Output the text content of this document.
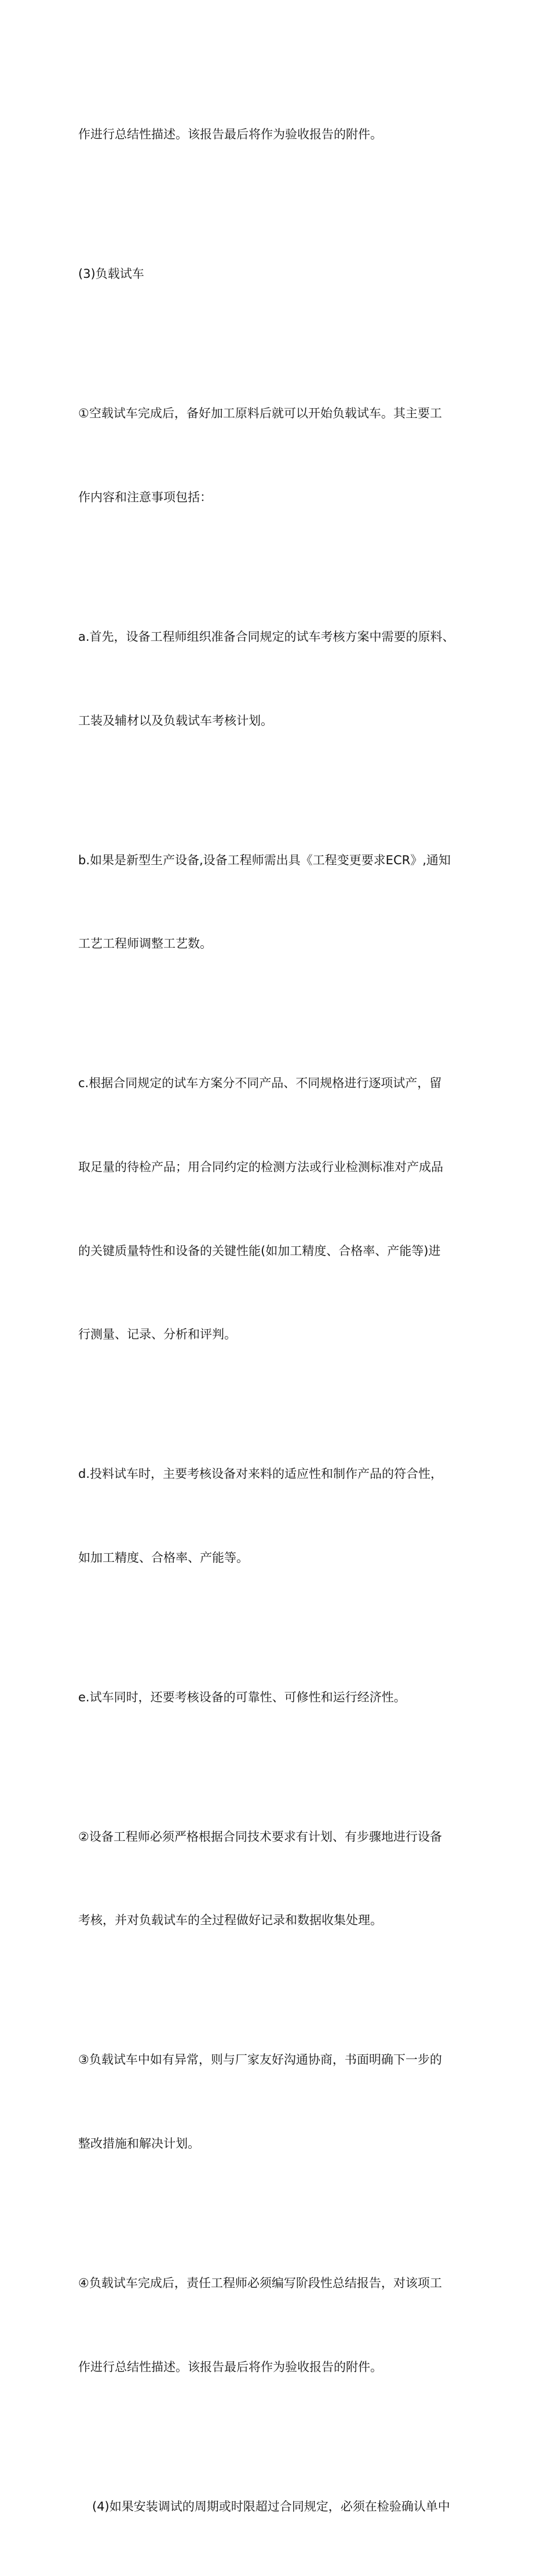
作进行总结性描述。该报告最后将作为验收报告的附件。

(3)负载试车

①空载试车完成后，备好加工原料后就可以开始负载试车。其主要工

作内容和注意事项包括：

a.首先，设备工程师组织准备合同规定的试车考核方案中需要的原料、

工装及辅材以及负载试车考核计划。

b.如果是新型生产设备,设备工程师需出具《工程变更要求ECR》,通知

工艺工程师调整工艺数。

c.根据合同规定的试车方案分不同产品、不同规格进行逐项试产，留

取足量的待检产品；用合同约定的检测方法或行业检测标准对产成品

的关键质量特性和设备的关键性能(如加工精度、合格率、产能等)进

行测量、记录、分析和评判。

d.投料试车时，主要考核设备对来料的适应性和制作产品的符合性，

如加工精度、合格率、产能等。

e.试车同时，还要考核设备的可靠性、可修性和运行经济性。

②设备工程师必须严格根据合同技术要求有计划、有步骤地进行设备

考核，并对负载试车的全过程做好记录和数据收集处理。

③负载试车中如有异常，则与厂家友好沟通协商，书面明确下一步的

整改措施和解决计划。

④负载试车完成后，责任工程师必须编写阶段性总结报告，对该项工

作进行总结性描述。该报告最后将作为验收报告的附件。

(4)如果安装调试的周期或时限超过合同规定，必须在检验确认单中
